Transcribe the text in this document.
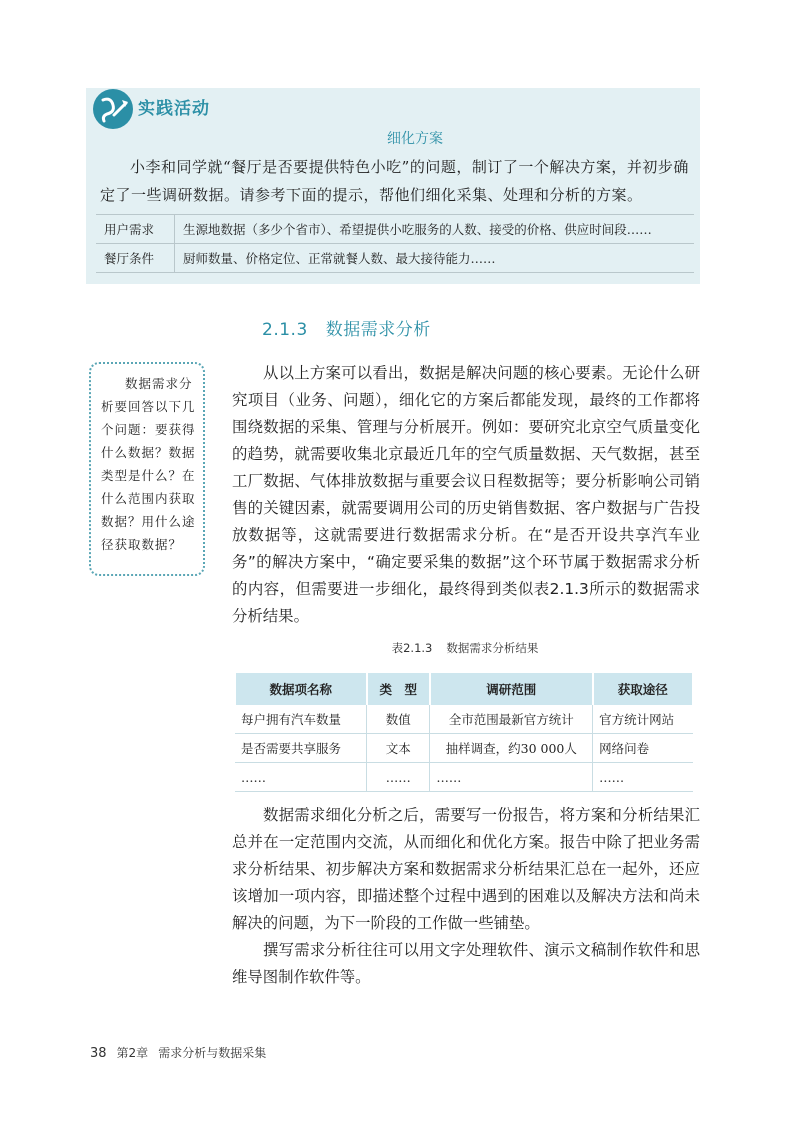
实践活动
细化方案

小李和同学就“餐厅是否要提供特色小吃”的问题，制订了一个解决方案，并初步确定了一些调研数据。请参考下面的提示，帮他们细化采集、处理和分析的方案。

用户需求	生源地数据（多少个省市）、希望提供小吃服务的人数、接受的价格、供应时间段……
餐厅条件	厨师数量、价格定位、正常就餐人数、最大接待能力……
2.1.3 数据需求分析

数据需求分析要回答以下几个问题：要获得什么数据？数据类型是什么？在什么范围内获取数据？用什么途径获取数据？

从以上方案可以看出，数据是解决问题的核心要素。无论什么研究项目（业务、问题），细化它的方案后都能发现，最终的工作都将围绕数据的采集、管理与分析展开。例如：要研究北京空气质量变化的趋势，就需要收集北京最近几年的空气质量数据、天气数据，甚至工厂数据、气体排放数据与重要会议日程数据等；要分析影响公司销售的关键因素，就需要调用公司的历史销售数据、客户数据与广告投放数据等，这就需要进行数据需求分析。在“是否开设共享汽车业务”的解决方案中，“确定要采集的数据”这个环节属于数据需求分析的内容，但需要进一步细化，最终得到类似表2.1.3所示的数据需求分析结果。

表2.1.3 数据需求分析结果
数据项名称	类　型	调研范围	获取途径
每户拥有汽车数量	数值	全市范围最新官方统计	官方统计网站
是否需要共享服务	文本	抽样调查，约30 000人	网络问卷
……	……	……	……

数据需求细化分析之后，需要写一份报告，将方案和分析结果汇总并在一定范围内交流，从而细化和优化方案。报告中除了把业务需求分析结果、初步解决方案和数据需求分析结果汇总在一起外，还应该增加一项内容，即描述整个过程中遇到的困难以及解决方法和尚未解决的问题，为下一阶段的工作做一些铺垫。

撰写需求分析往往可以用文字处理软件、演示文稿制作软件和思维导图制作软件等。

38 第2章 需求分析与数据采集
